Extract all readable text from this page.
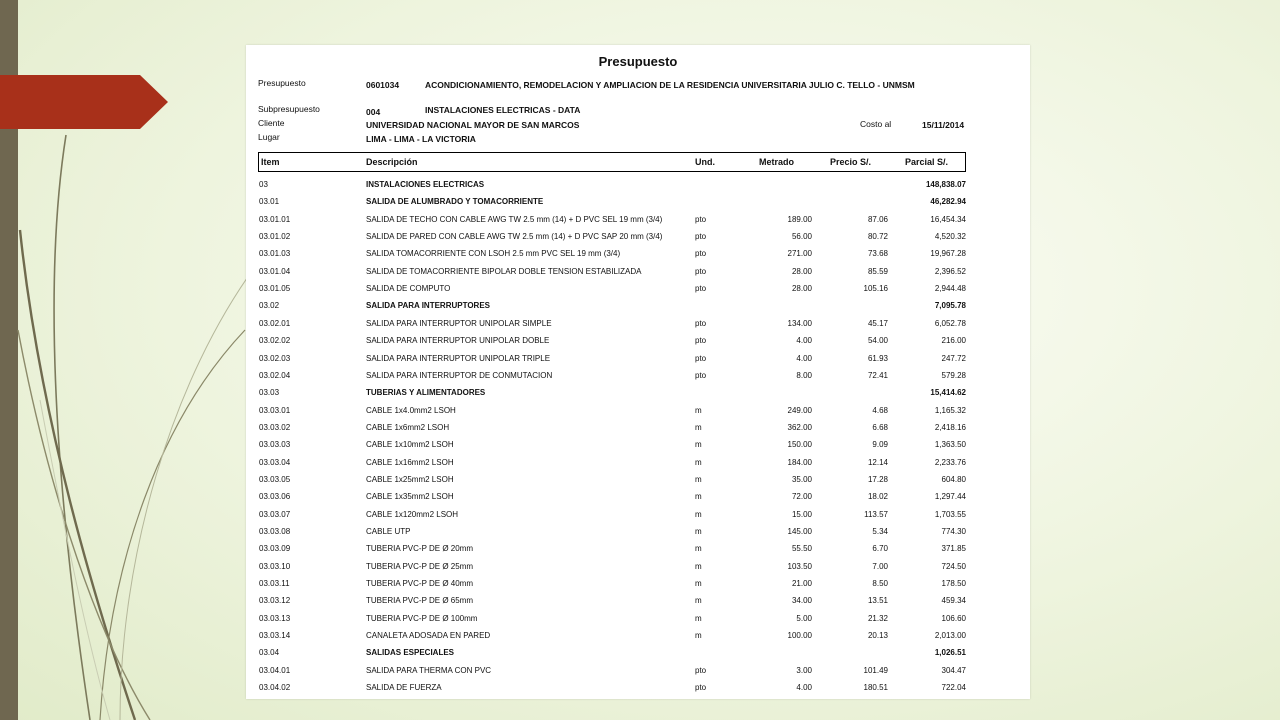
Presupuesto
Presupuesto	0601034	ACONDICIONAMIENTO, REMODELACION Y AMPLIACION DE LA RESIDENCIA UNIVERSITARIA JULIO C. TELLO - UNMSM
Subpresupuesto	004	INSTALACIONES ELECTRICAS - DATA
Cliente	UNIVERSIDAD NACIONAL MAYOR DE SAN MARCOS	Costo al	15/11/2014
Lugar	LIMA - LIMA - LA VICTORIA
Item	Descripción	Und.	Metrado	Precio S/.	Parcial S/.
03	INSTALACIONES ELECTRICAS	148,838.07
03.01	SALIDA DE ALUMBRADO Y TOMACORRIENTE	46,282.94
03.01.01	SALIDA DE TECHO CON CABLE AWG TW 2.5 mm (14) + D PVC SEL 19 mm (3/4)	pto	189.00	87.06	16,454.34
03.01.02	SALIDA DE PARED CON CABLE AWG TW 2.5 mm (14) + D PVC SAP 20 mm (3/4)	pto	56.00	80.72	4,520.32
03.01.03	SALIDA TOMACORRIENTE CON LSOH 2.5 mm PVC SEL 19 mm (3/4)	pto	271.00	73.68	19,967.28
03.01.04	SALIDA DE TOMACORRIENTE BIPOLAR DOBLE TENSION ESTABILIZADA	pto	28.00	85.59	2,396.52
03.01.05	SALIDA DE COMPUTO	pto	28.00	105.16	2,944.48
03.02	SALIDA PARA INTERRUPTORES	7,095.78
03.02.01	SALIDA PARA INTERRUPTOR UNIPOLAR SIMPLE	pto	134.00	45.17	6,052.78
03.02.02	SALIDA PARA INTERRUPTOR UNIPOLAR DOBLE	pto	4.00	54.00	216.00
03.02.03	SALIDA PARA INTERRUPTOR UNIPOLAR TRIPLE	pto	4.00	61.93	247.72
03.02.04	SALIDA PARA INTERRUPTOR DE CONMUTACION	pto	8.00	72.41	579.28
03.03	TUBERIAS Y ALIMENTADORES	15,414.62
03.03.01	CABLE 1x4.0mm2 LSOH	m	249.00	4.68	1,165.32
03.03.02	CABLE 1x6mm2 LSOH	m	362.00	6.68	2,418.16
03.03.03	CABLE 1x10mm2 LSOH	m	150.00	9.09	1,363.50
03.03.04	CABLE 1x16mm2 LSOH	m	184.00	12.14	2,233.76
03.03.05	CABLE 1x25mm2 LSOH	m	35.00	17.28	604.80
03.03.06	CABLE 1x35mm2 LSOH	m	72.00	18.02	1,297.44
03.03.07	CABLE 1x120mm2 LSOH	m	15.00	113.57	1,703.55
03.03.08	CABLE UTP	m	145.00	5.34	774.30
03.03.09	TUBERIA PVC-P DE Ø 20mm	m	55.50	6.70	371.85
03.03.10	TUBERIA PVC-P DE Ø 25mm	m	103.50	7.00	724.50
03.03.11	TUBERIA PVC-P DE Ø 40mm	m	21.00	8.50	178.50
03.03.12	TUBERIA PVC-P DE Ø 65mm	m	34.00	13.51	459.34
03.03.13	TUBERIA PVC-P DE Ø 100mm	m	5.00	21.32	106.60
03.03.14	CANALETA ADOSADA EN PARED	m	100.00	20.13	2,013.00
03.04	SALIDAS ESPECIALES	1,026.51
03.04.01	SALIDA PARA THERMA CON PVC	pto	3.00	101.49	304.47
03.04.02	SALIDA DE FUERZA	pto	4.00	180.51	722.04
